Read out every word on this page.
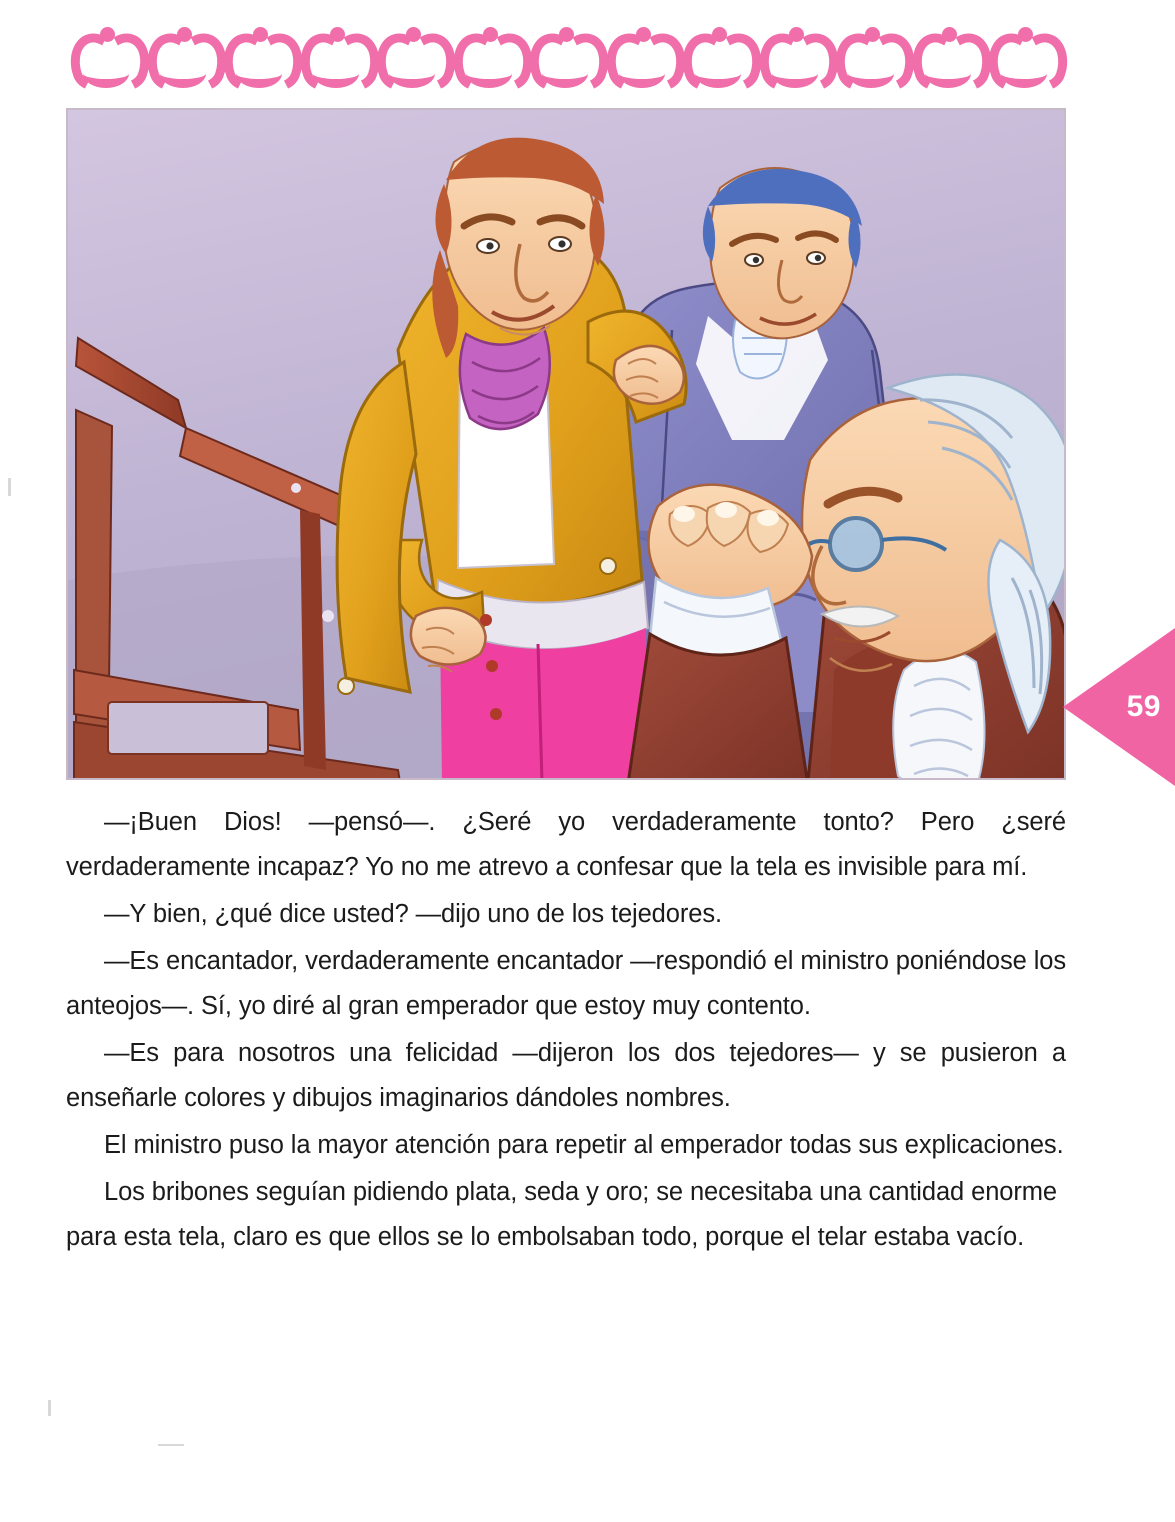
59

—¡Buen Dios! —pensó—. ¿Seré yo verdaderamente tonto? Pero ¿seré verdaderamente incapaz? Yo no me atrevo a confesar que la tela es invisible para mí.

—Y bien, ¿qué dice usted? —dijo uno de los tejedores.

—Es encantador, verdaderamente encantador —respondió el ministro poniéndose los anteojos—. Sí, yo diré al gran emperador que estoy muy contento.

—Es para nosotros una felicidad —dijeron los dos tejedores— y se pusieron a enseñarle colores y dibujos imaginarios dándoles nombres.

El ministro puso la mayor atención para repetir al emperador todas sus explicaciones.

Los bribones seguían pidiendo plata, seda y oro; se necesitaba una cantidad enorme para esta tela, claro es que ellos se lo embolsaban todo, porque el telar estaba vacío.
